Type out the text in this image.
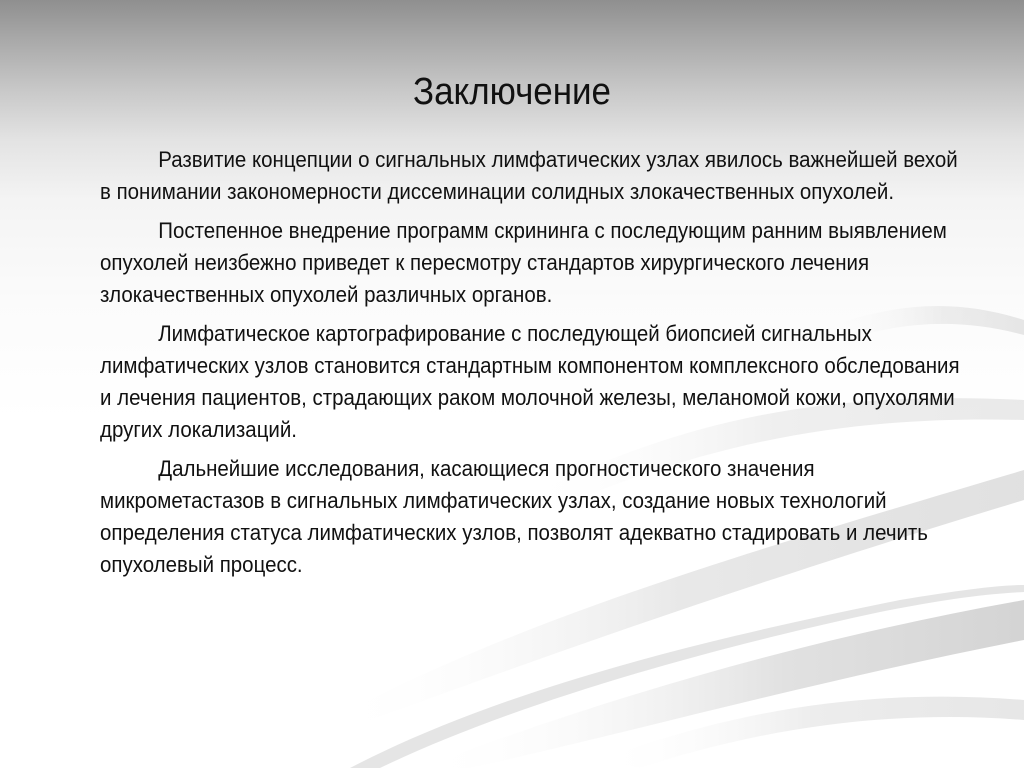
Заключение

Развитие концепции о сигнальных лимфатических узлах явилось важнейшей вехой в понимании закономерности диссеминации солидных злокачественных опухолей.

Постепенное внедрение программ скрининга с последующим ранним выявлением опухолей неизбежно приведет к пересмотру стандартов хирургического лечения злокачественных опухолей различных органов.

Лимфатическое картографирование с последующей биопсией сигнальных лимфатических узлов становится стандартным компонентом комплексного обследования и лечения пациентов, страдающих раком молочной железы, меланомой кожи, опухолями других локализаций.

Дальнейшие исследования, касающиеся прогностического значения микрометастазов в сигнальных лимфатических узлах, создание новых технологий определения статуса лимфатических узлов, позволят адекватно стадировать и лечить опухолевый процесс.
